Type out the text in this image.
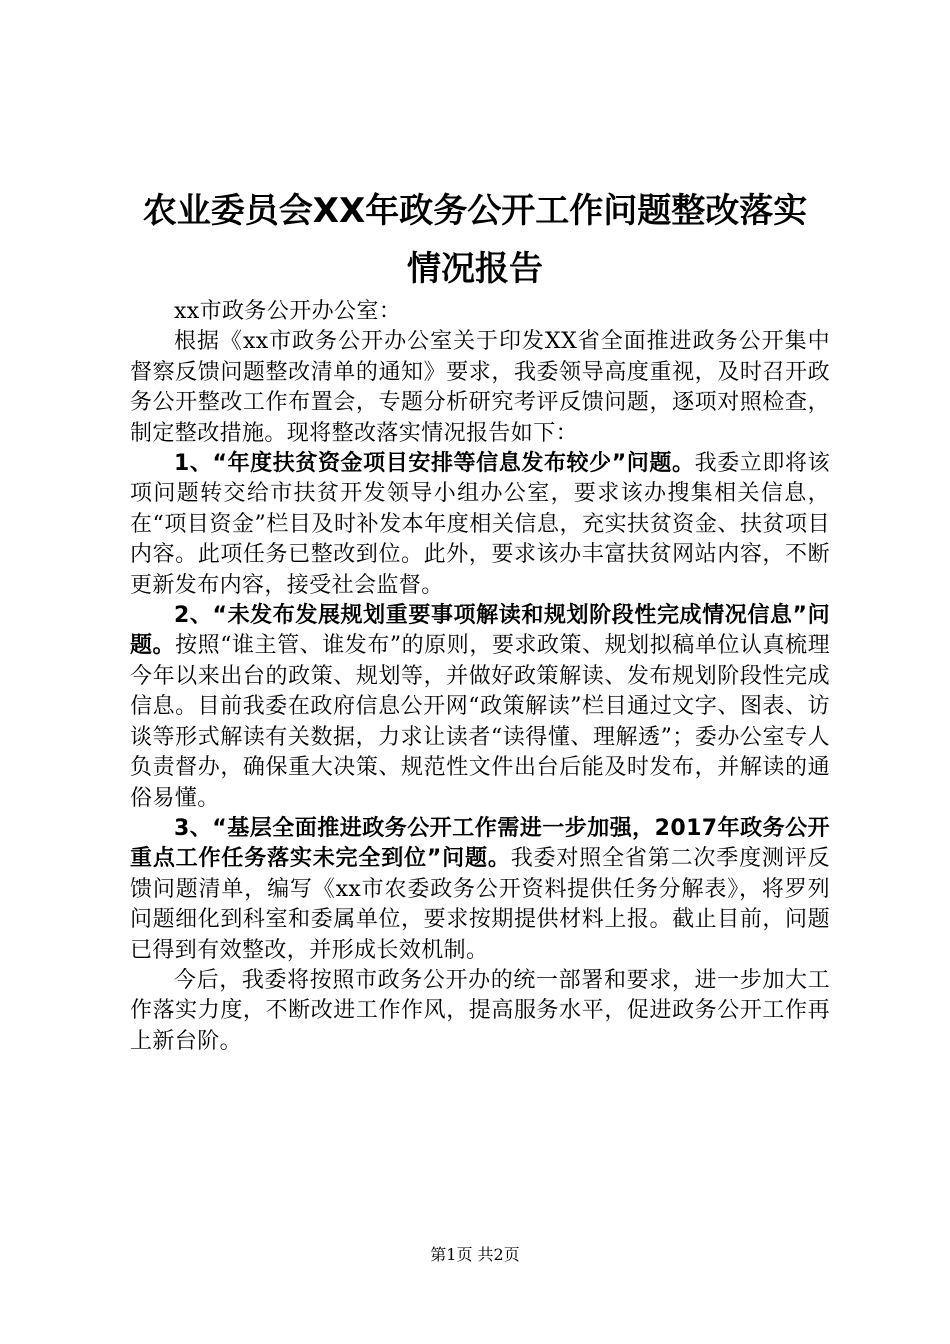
农业委员会XX年政务公开工作问题整改落实
情况报告

xx市政务公开办公室：

根据《xx市政务公开办公室关于印发XX省全面推进政务公开集中督察反馈问题整改清单的通知》要求，我委领导高度重视，及时召开政务公开整改工作布置会，专题分析研究考评反馈问题，逐项对照检查，制定整改措施。现将整改落实情况报告如下：

1、“年度扶贫资金项目安排等信息发布较少”问题。我委立即将该项问题转交给市扶贫开发领导小组办公室，要求该办搜集相关信息，在“项目资金”栏目及时补发本年度相关信息，充实扶贫资金、扶贫项目内容。此项任务已整改到位。此外，要求该办丰富扶贫网站内容，不断更新发布内容，接受社会监督。

2、“未发布发展规划重要事项解读和规划阶段性完成情况信息”问题。按照“谁主管、谁发布”的原则，要求政策、规划拟稿单位认真梳理今年以来出台的政策、规划等，并做好政策解读、发布规划阶段性完成信息。目前我委在政府信息公开网“政策解读”栏目通过文字、图表、访谈等形式解读有关数据，力求让读者“读得懂、理解透”；委办公室专人负责督办，确保重大决策、规范性文件出台后能及时发布，并解读的通俗易懂。

3、“基层全面推进政务公开工作需进一步加强，2017年政务公开重点工作任务落实未完全到位”问题。我委对照全省第二次季度测评反馈问题清单，编写《xx市农委政务公开资料提供任务分解表》，将罗列问题细化到科室和委属单位，要求按期提供材料上报。截止目前，问题已得到有效整改，并形成长效机制。

今后，我委将按照市政务公开办的统一部署和要求，进一步加大工作落实力度，不断改进工作作风，提高服务水平，促进政务公开工作再上新台阶。

第1页 共2页
